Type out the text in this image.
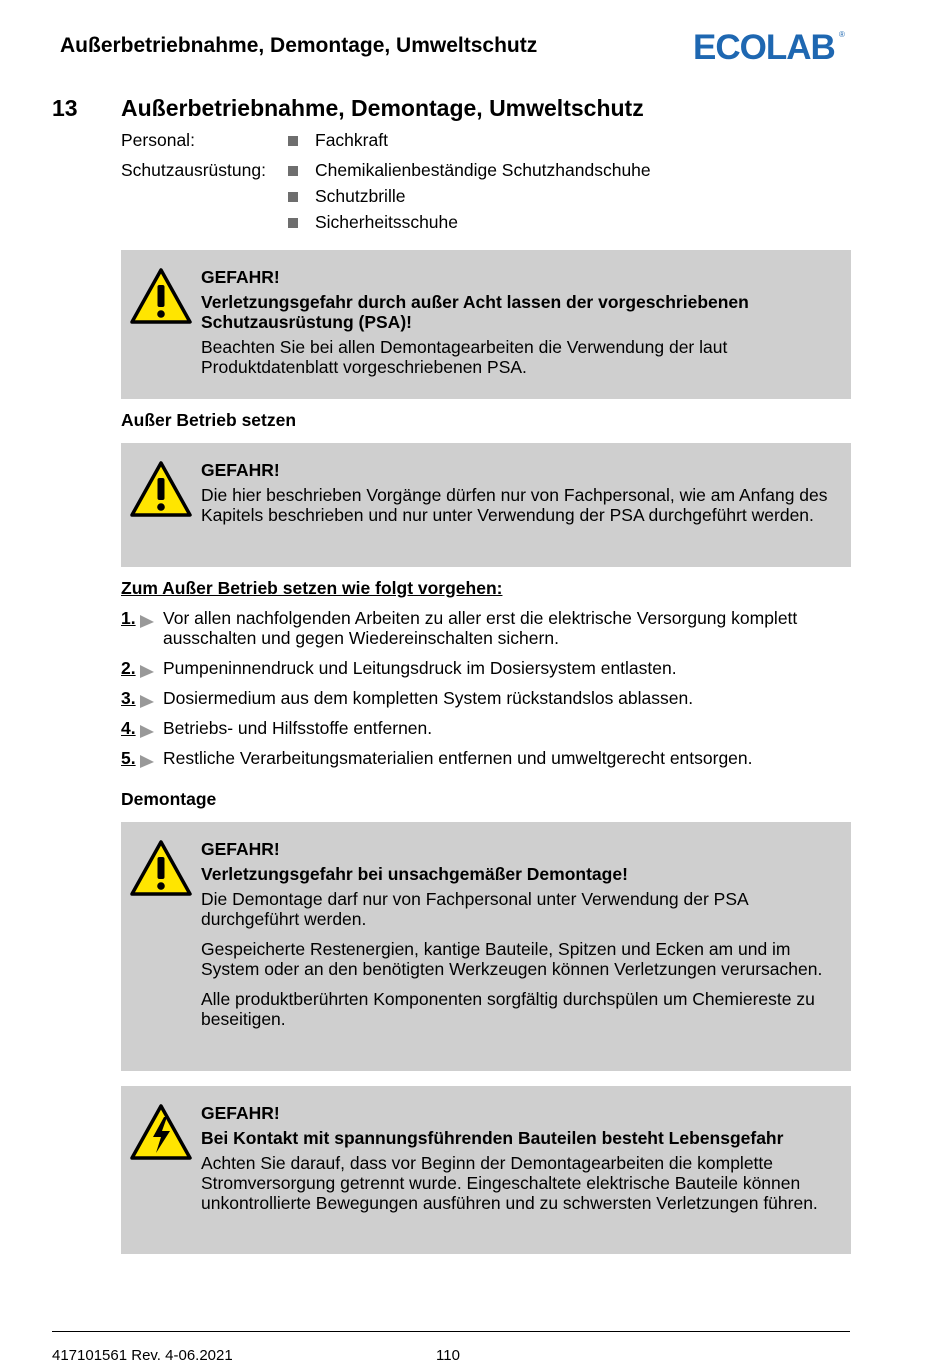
Außerbetriebnahme, Demontage, Umweltschutz	ECOLAB ®
13 Außerbetriebnahme, Demontage, Umweltschutz
Personal:	Fachkraft
Schutzausrüstung:	Chemikalienbeständige Schutzhandschuhe
Schutzbrille
Sicherheitsschuhe

GEFAHR!

Verletzungsgefahr durch außer Acht lassen der vorgeschriebenen Schutzausrüstung (PSA)!

Beachten Sie bei allen Demontagearbeiten die Verwendung der laut Produktdatenblatt vorgeschriebenen PSA.

Außer Betrieb setzen

GEFAHR!

Die hier beschrieben Vorgänge dürfen nur von Fachpersonal, wie am Anfang des Kapitels beschrieben und nur unter Verwendung der PSA durchgeführt werden.

Zum Außer Betrieb setzen wie folgt vorgehen:
1. Vor allen nachfolgenden Arbeiten zu aller erst die elektrische Versorgung komplett ausschalten und gegen Wiedereinschalten sichern.
2. Pumpeninnendruck und Leitungsdruck im Dosiersystem entlasten.
3. Dosiermedium aus dem kompletten System rückstandslos ablassen.
4. Betriebs- und Hilfsstoffe entfernen.
5. Restliche Verarbeitungsmaterialien entfernen und umweltgerecht entsorgen.
Demontage

GEFAHR!

Verletzungsgefahr bei unsachgemäßer Demontage!

Die Demontage darf nur von Fachpersonal unter Verwendung der PSA durchgeführt werden.

Gespeicherte Restenergien, kantige Bauteile, Spitzen und Ecken am und im System oder an den benötigten Werkzeugen können Verletzungen verursachen.

Alle produktberührten Komponenten sorgfältig durchspülen um Chemiereste zu beseitigen.

GEFAHR!

Bei Kontakt mit spannungsführenden Bauteilen besteht Lebensgefahr

Achten Sie darauf, dass vor Beginn der Demontagearbeiten die komplette Stromversorgung getrennt wurde. Eingeschaltete elektrische Bauteile können unkontrollierte Bewegungen ausführen und zu schwersten Verletzungen führen.

417101561 Rev. 4-06.2021	110
